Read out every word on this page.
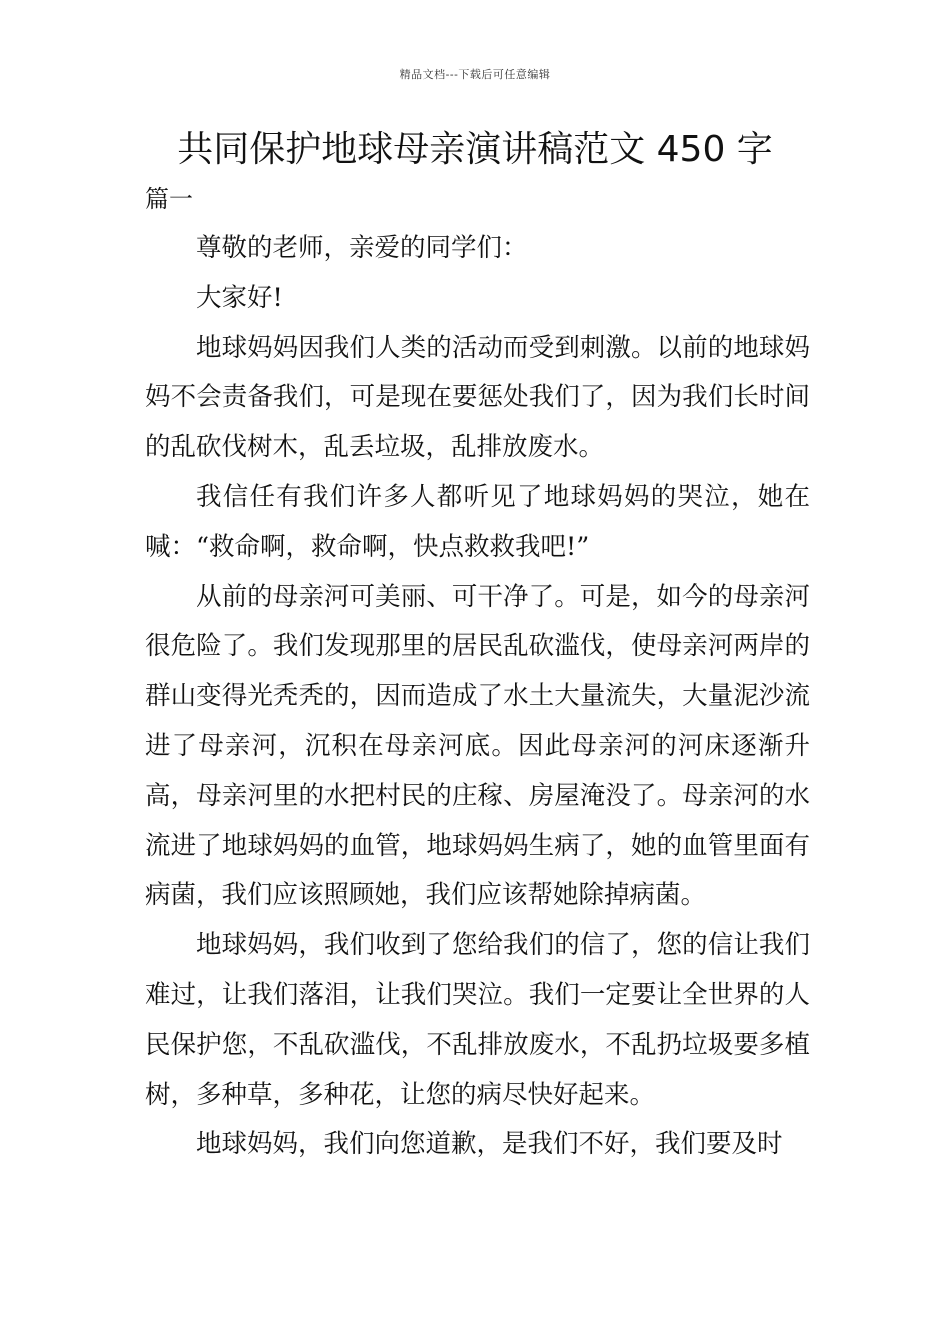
精品文档---下载后可任意编辑
共同保护地球母亲演讲稿范文 450 字
篇一

尊敬的老师，亲爱的同学们：

大家好!

地球妈妈因我们人类的活动而受到刺激。以前的地球妈妈不会责备我们，可是现在要惩处我们了，因为我们长时间的乱砍伐树木，乱丢垃圾，乱排放废水。

我信任有我们许多人都听见了地球妈妈的哭泣，她在喊：“救命啊，救命啊，快点救救我吧!”

从前的母亲河可美丽、可干净了。可是，如今的母亲河很危险了。我们发现那里的居民乱砍滥伐，使母亲河两岸的群山变得光秃秃的，因而造成了水土大量流失，大量泥沙流进了母亲河，沉积在母亲河底。因此母亲河的河床逐渐升高，母亲河里的水把村民的庄稼、房屋淹没了。母亲河的水流进了地球妈妈的血管，地球妈妈生病了，她的血管里面有病菌，我们应该照顾她，我们应该帮她除掉病菌。

地球妈妈，我们收到了您给我们的信了，您的信让我们难过，让我们落泪，让我们哭泣。我们一定要让全世界的人民保护您，不乱砍滥伐，不乱排放废水，不乱扔垃圾要多植树，多种草，多种花，让您的病尽快好起来。

地球妈妈，我们向您道歉，是我们不好，我们要及时
